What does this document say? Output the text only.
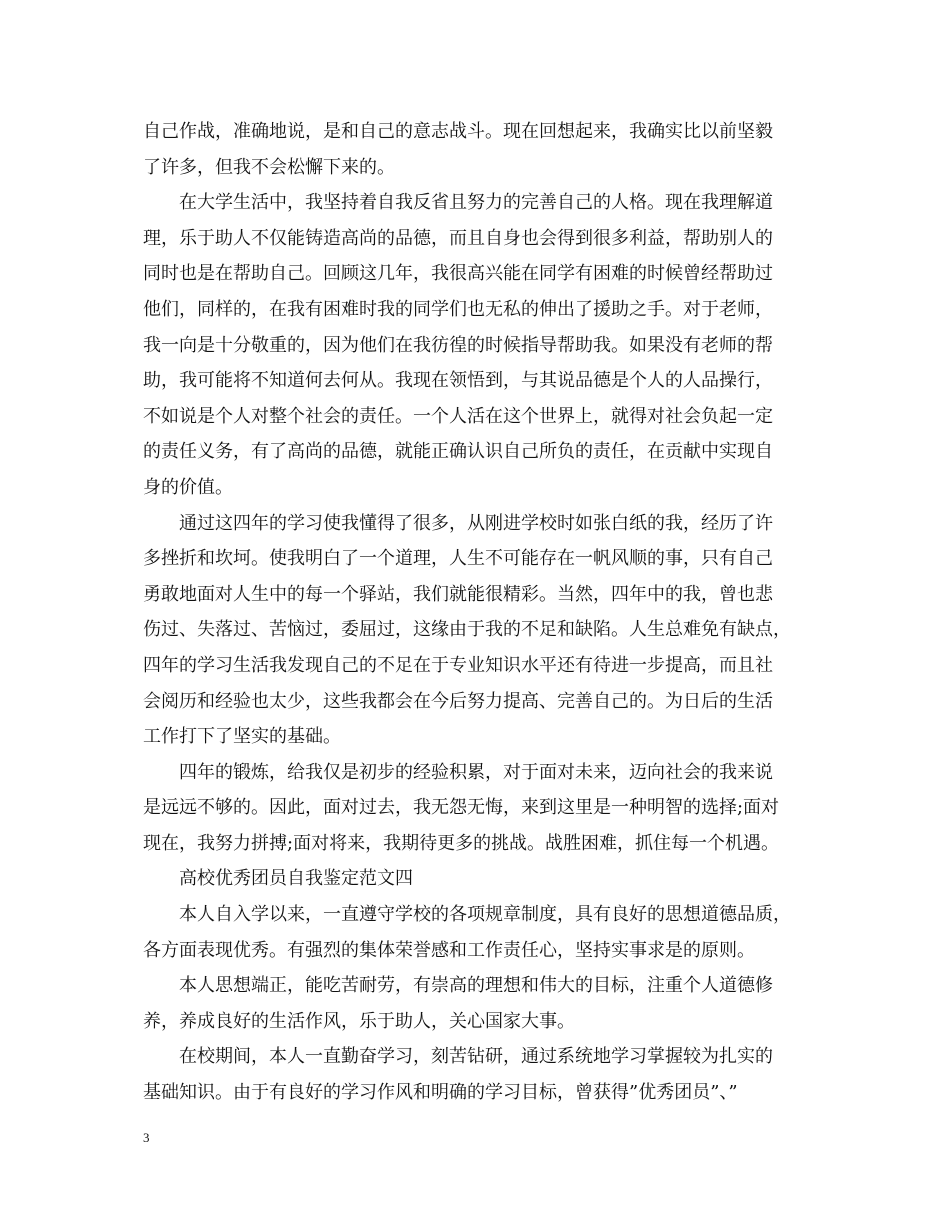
自己作战，准确地说，是和自己的意志战斗。现在回想起来，我确实比以前坚毅
了许多，但我不会松懈下来的。
　　在大学生活中，我坚持着自我反省且努力的完善自己的人格。现在我理解道
理，乐于助人不仅能铸造高尚的品德，而且自身也会得到很多利益，帮助别人的
同时也是在帮助自己。回顾这几年，我很高兴能在同学有困难的时候曾经帮助过
他们，同样的，在我有困难时我的同学们也无私的伸出了援助之手。对于老师，
我一向是十分敬重的，因为他们在我彷徨的时候指导帮助我。如果没有老师的帮
助，我可能将不知道何去何从。我现在领悟到，与其说品德是个人的人品操行，
不如说是个人对整个社会的责任。一个人活在这个世界上，就得对社会负起一定
的责任义务，有了高尚的品德，就能正确认识自己所负的责任，在贡献中实现自
身的价值。
　　通过这四年的学习使我懂得了很多，从刚进学校时如张白纸的我，经历了许
多挫折和坎坷。使我明白了一个道理，人生不可能存在一帆风顺的事，只有自己
勇敢地面对人生中的每一个驿站，我们就能很精彩。当然，四年中的我，曾也悲
伤过、失落过、苦恼过，委屈过，这缘由于我的不足和缺陷。人生总难免有缺点，
四年的学习生活我发现自己的不足在于专业知识水平还有待进一步提高，而且社
会阅历和经验也太少，这些我都会在今后努力提高、完善自己的。为日后的生活
工作打下了坚实的基础。
　　四年的锻炼，给我仅是初步的经验积累，对于面对未来，迈向社会的我来说
是远远不够的。因此，面对过去，我无怨无悔，来到这里是一种明智的选择;面对
现在，我努力拼搏;面对将来，我期待更多的挑战。战胜困难，抓住每一个机遇。
　　高校优秀团员自我鉴定范文四
　　本人自入学以来，一直遵守学校的各项规章制度，具有良好的思想道德品质，
各方面表现优秀。有强烈的集体荣誉感和工作责任心，坚持实事求是的原则。
　　本人思想端正，能吃苦耐劳，有崇高的理想和伟大的目标，注重个人道德修
养，养成良好的生活作风，乐于助人，关心国家大事。
　　在校期间，本人一直勤奋学习，刻苦钻研，通过系统地学习掌握较为扎实的
基础知识。由于有良好的学习作风和明确的学习目标，曾获得”优秀团员”、”
3
